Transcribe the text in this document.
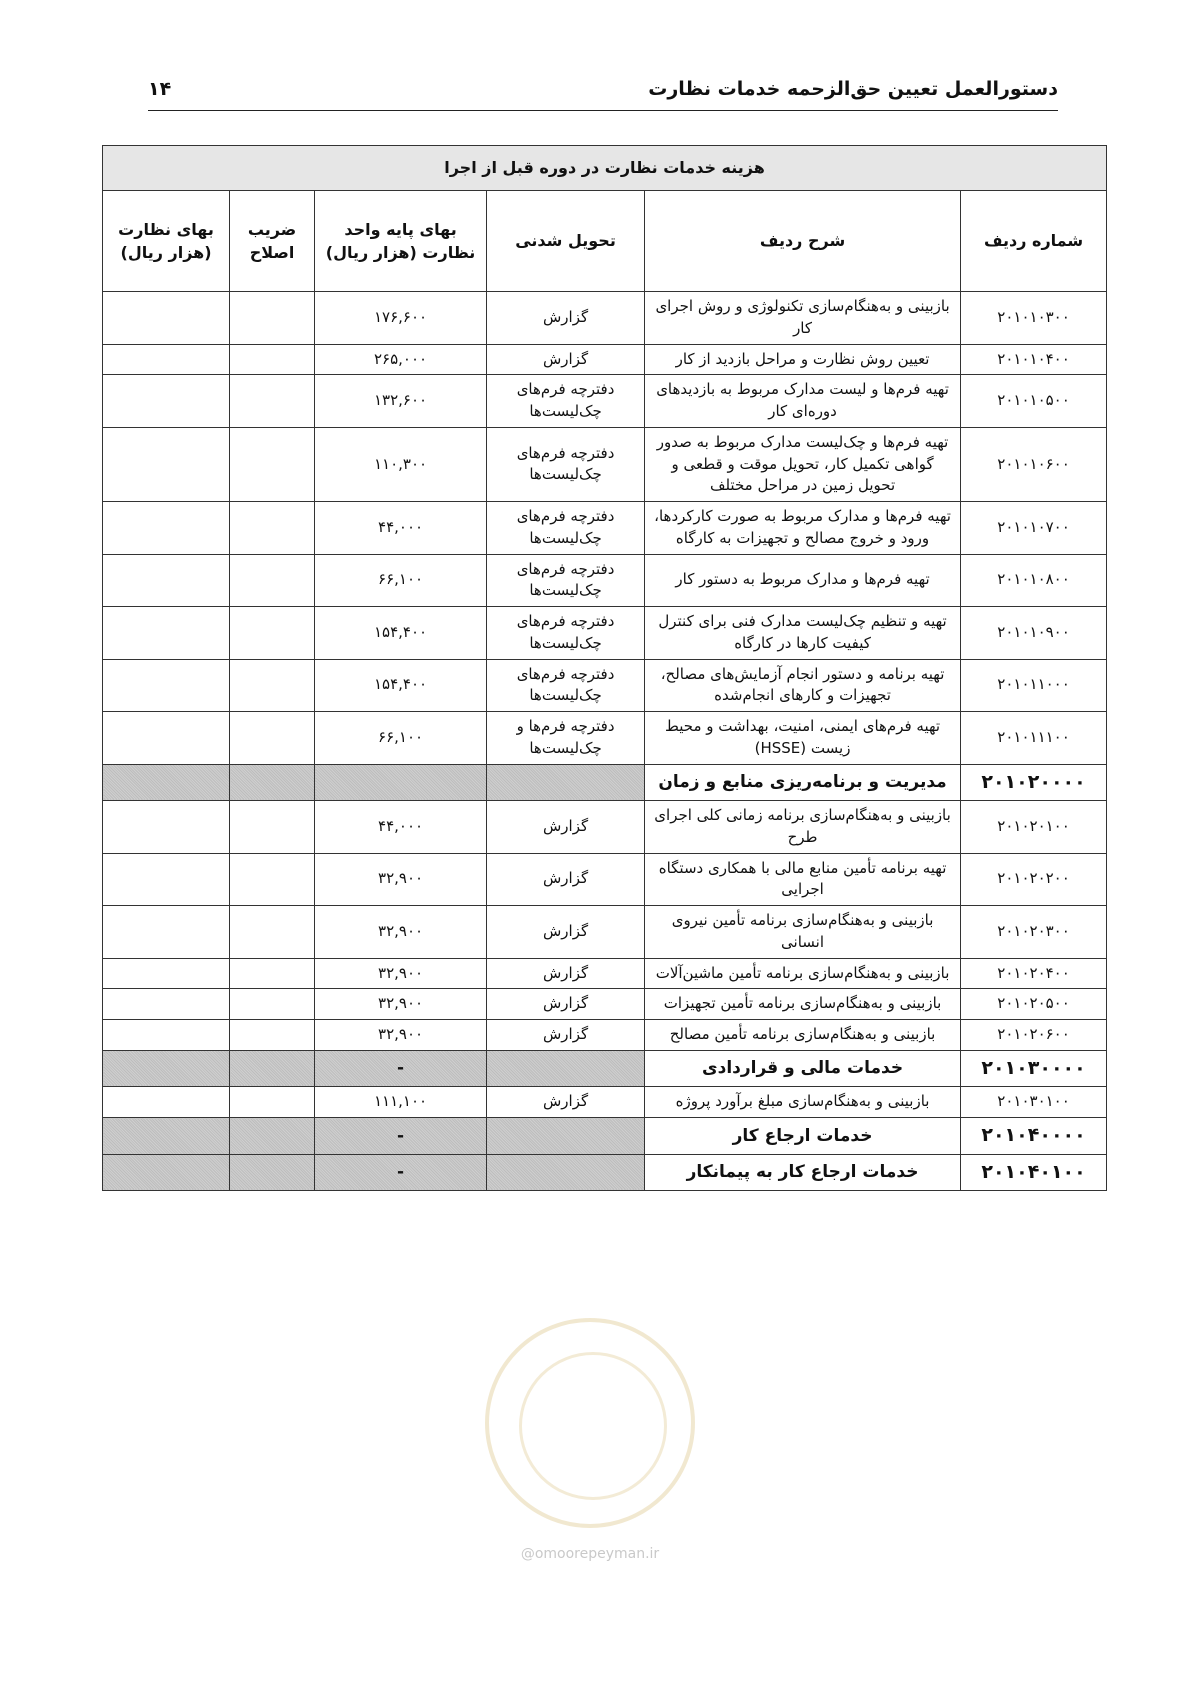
دستورالعمل تعیین حق‌الزحمه خدمات نظارت
۱۴
هزینه خدمات نظارت در دوره قبل از اجرا					
شماره ردیف	شرح ردیف	تحویل شدنی	بهای پایه واحد نظارت (هزار ریال)	ضریب اصلاح	بهای نظارت (هزار ریال)
۲۰۱۰۱۰۳۰۰	بازبینی و به‌هنگام‌سازی تکنولوژی و روش اجرای کار	گزارش	۱۷۶,۶۰۰		
۲۰۱۰۱۰۴۰۰	تعیین روش نظارت و مراحل بازدید از کار	گزارش	۲۶۵,۰۰۰		
۲۰۱۰۱۰۵۰۰	تهیه فرم‌ها و لیست مدارک مربوط به بازدیدهای دوره‌ای کار	دفترچه فرم‌های چک‌لیست‌ها	۱۳۲,۶۰۰		
۲۰۱۰۱۰۶۰۰	تهیه فرم‌ها و چک‌لیست مدارک مربوط به صدور گواهی تکمیل کار، تحویل موقت و قطعی و تحویل زمین در مراحل مختلف	دفترچه فرم‌های چک‌لیست‌ها	۱۱۰,۳۰۰		
۲۰۱۰۱۰۷۰۰	تهیه فرم‌ها و مدارک مربوط به صورت کارکردها، ورود و خروج مصالح و تجهیزات به کارگاه	دفترچه فرم‌های چک‌لیست‌ها	۴۴,۰۰۰		
۲۰۱۰۱۰۸۰۰	تهیه فرم‌ها و مدارک مربوط به دستور کار	دفترچه فرم‌های چک‌لیست‌ها	۶۶,۱۰۰		
۲۰۱۰۱۰۹۰۰	تهیه و تنظیم چک‌لیست مدارک فنی برای کنترل کیفیت کارها در کارگاه	دفترچه فرم‌های چک‌لیست‌ها	۱۵۴,۴۰۰		
۲۰۱۰۱۱۰۰۰	تهیه برنامه و دستور انجام آزمایش‌های مصالح، تجهیزات و کارهای انجام‌شده	دفترچه فرم‌های چک‌لیست‌ها	۱۵۴,۴۰۰		
۲۰۱۰۱۱۱۰۰	تهیه فرم‌های ایمنی، امنیت، بهداشت و محیط زیست (HSSE)	دفترچه فرم‌ها و چک‌لیست‌ها	۶۶,۱۰۰		
۲۰۱۰۲۰۰۰۰	مدیریت و برنامه‌ریزی منابع و زمان				
۲۰۱۰۲۰۱۰۰	بازبینی و به‌هنگام‌سازی برنامه زمانی کلی اجرای طرح	گزارش	۴۴,۰۰۰		
۲۰۱۰۲۰۲۰۰	تهیه برنامه تأمین منابع مالی با همکاری دستگاه اجرایی	گزارش	۳۲,۹۰۰		
۲۰۱۰۲۰۳۰۰	بازبینی و به‌هنگام‌سازی برنامه تأمین نیروی انسانی	گزارش	۳۲,۹۰۰		
۲۰۱۰۲۰۴۰۰	بازبینی و به‌هنگام‌سازی برنامه تأمین ماشین‌آلات	گزارش	۳۲,۹۰۰		
۲۰۱۰۲۰۵۰۰	بازبینی و به‌هنگام‌سازی برنامه تأمین تجهیزات	گزارش	۳۲,۹۰۰		
۲۰۱۰۲۰۶۰۰	بازبینی و به‌هنگام‌سازی برنامه تأمین مصالح	گزارش	۳۲,۹۰۰		
۲۰۱۰۳۰۰۰۰	خدمات مالی و قراردادی		-		
۲۰۱۰۳۰۱۰۰	بازبینی و به‌هنگام‌سازی مبلغ برآورد پروژه	گزارش	۱۱۱,۱۰۰		
۲۰۱۰۴۰۰۰۰	خدمات ارجاع کار		-		
۲۰۱۰۴۰۱۰۰	خدمات ارجاع کار به پیمانکار		-		
@omoorepeyman.ir
